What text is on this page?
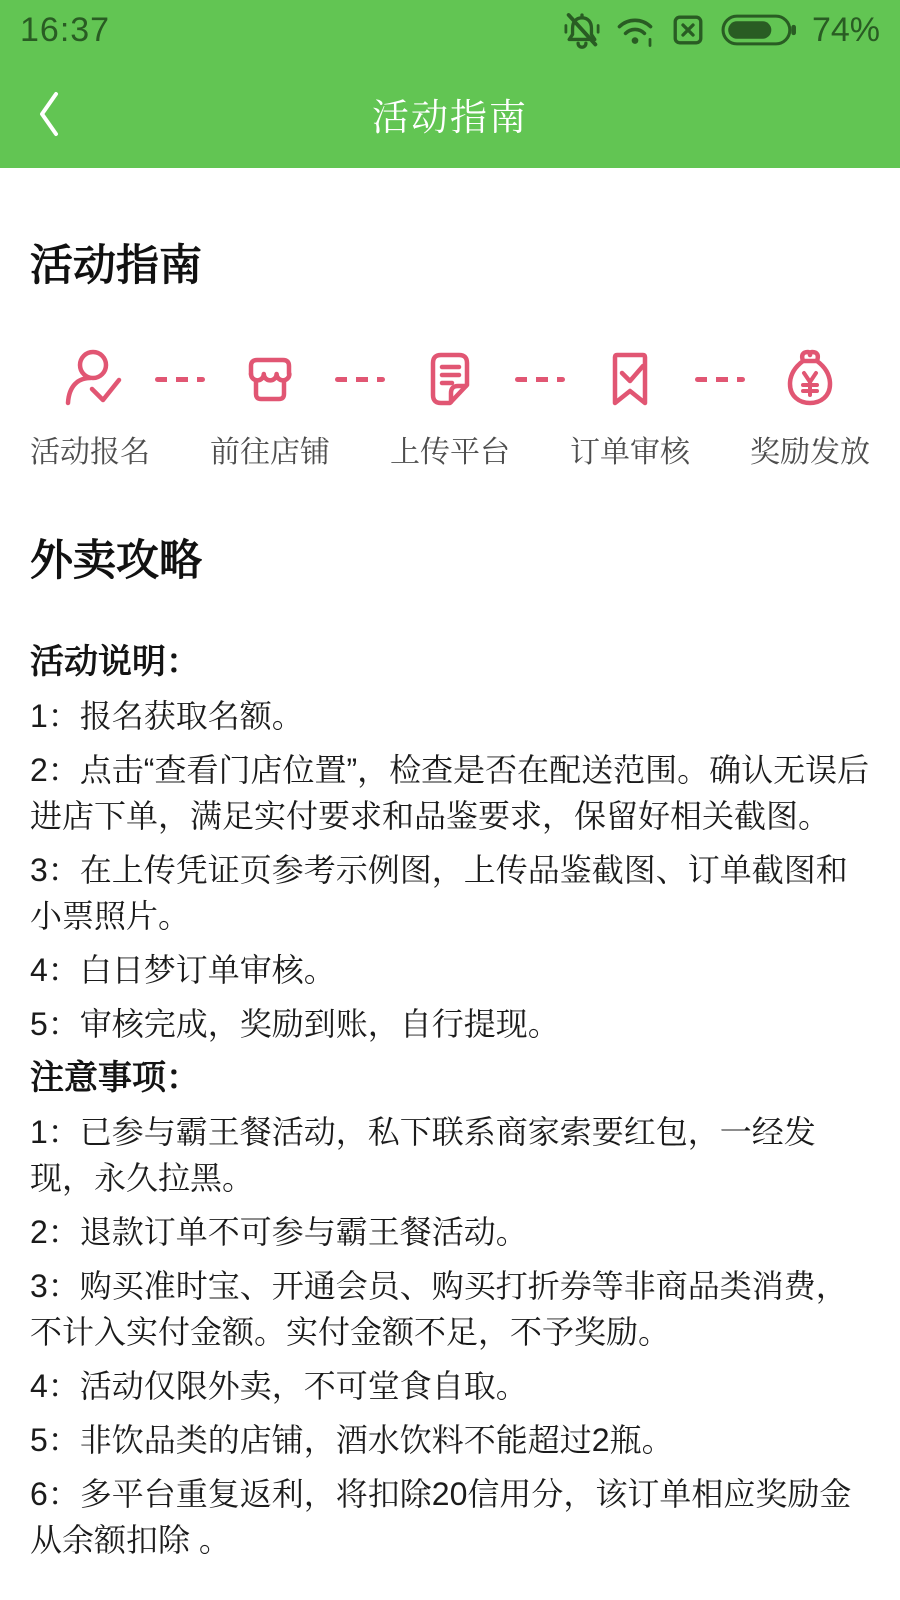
16:37	74%
活动指南
活动指南
活动报名 前往店铺 上传平台 订单审核 奖励发放
外卖攻略

活动说明：

1：报名获取名额。

2：点击“查看门店位置”，检查是否在配送范围。确认无误后进店下单，满足实付要求和品鉴要求，保留好相关截图。

3：在上传凭证页参考示例图，上传品鉴截图、订单截图和小票照片。

4：白日梦订单审核。

5：审核完成，奖励到账，自行提现。

注意事项：

1：已参与霸王餐活动，私下联系商家索要红包，一经发现，永久拉黑。

2：退款订单不可参与霸王餐活动。

3：购买准时宝、开通会员、购买打折券等非商品类消费，不计入实付金额。实付金额不足，不予奖励。

4：活动仅限外卖，不可堂食自取。

5：非饮品类的店铺，酒水饮料不能超过2瓶。

6：多平台重复返利，将扣除20信用分，该订单相应奖励金从余额扣除 。
